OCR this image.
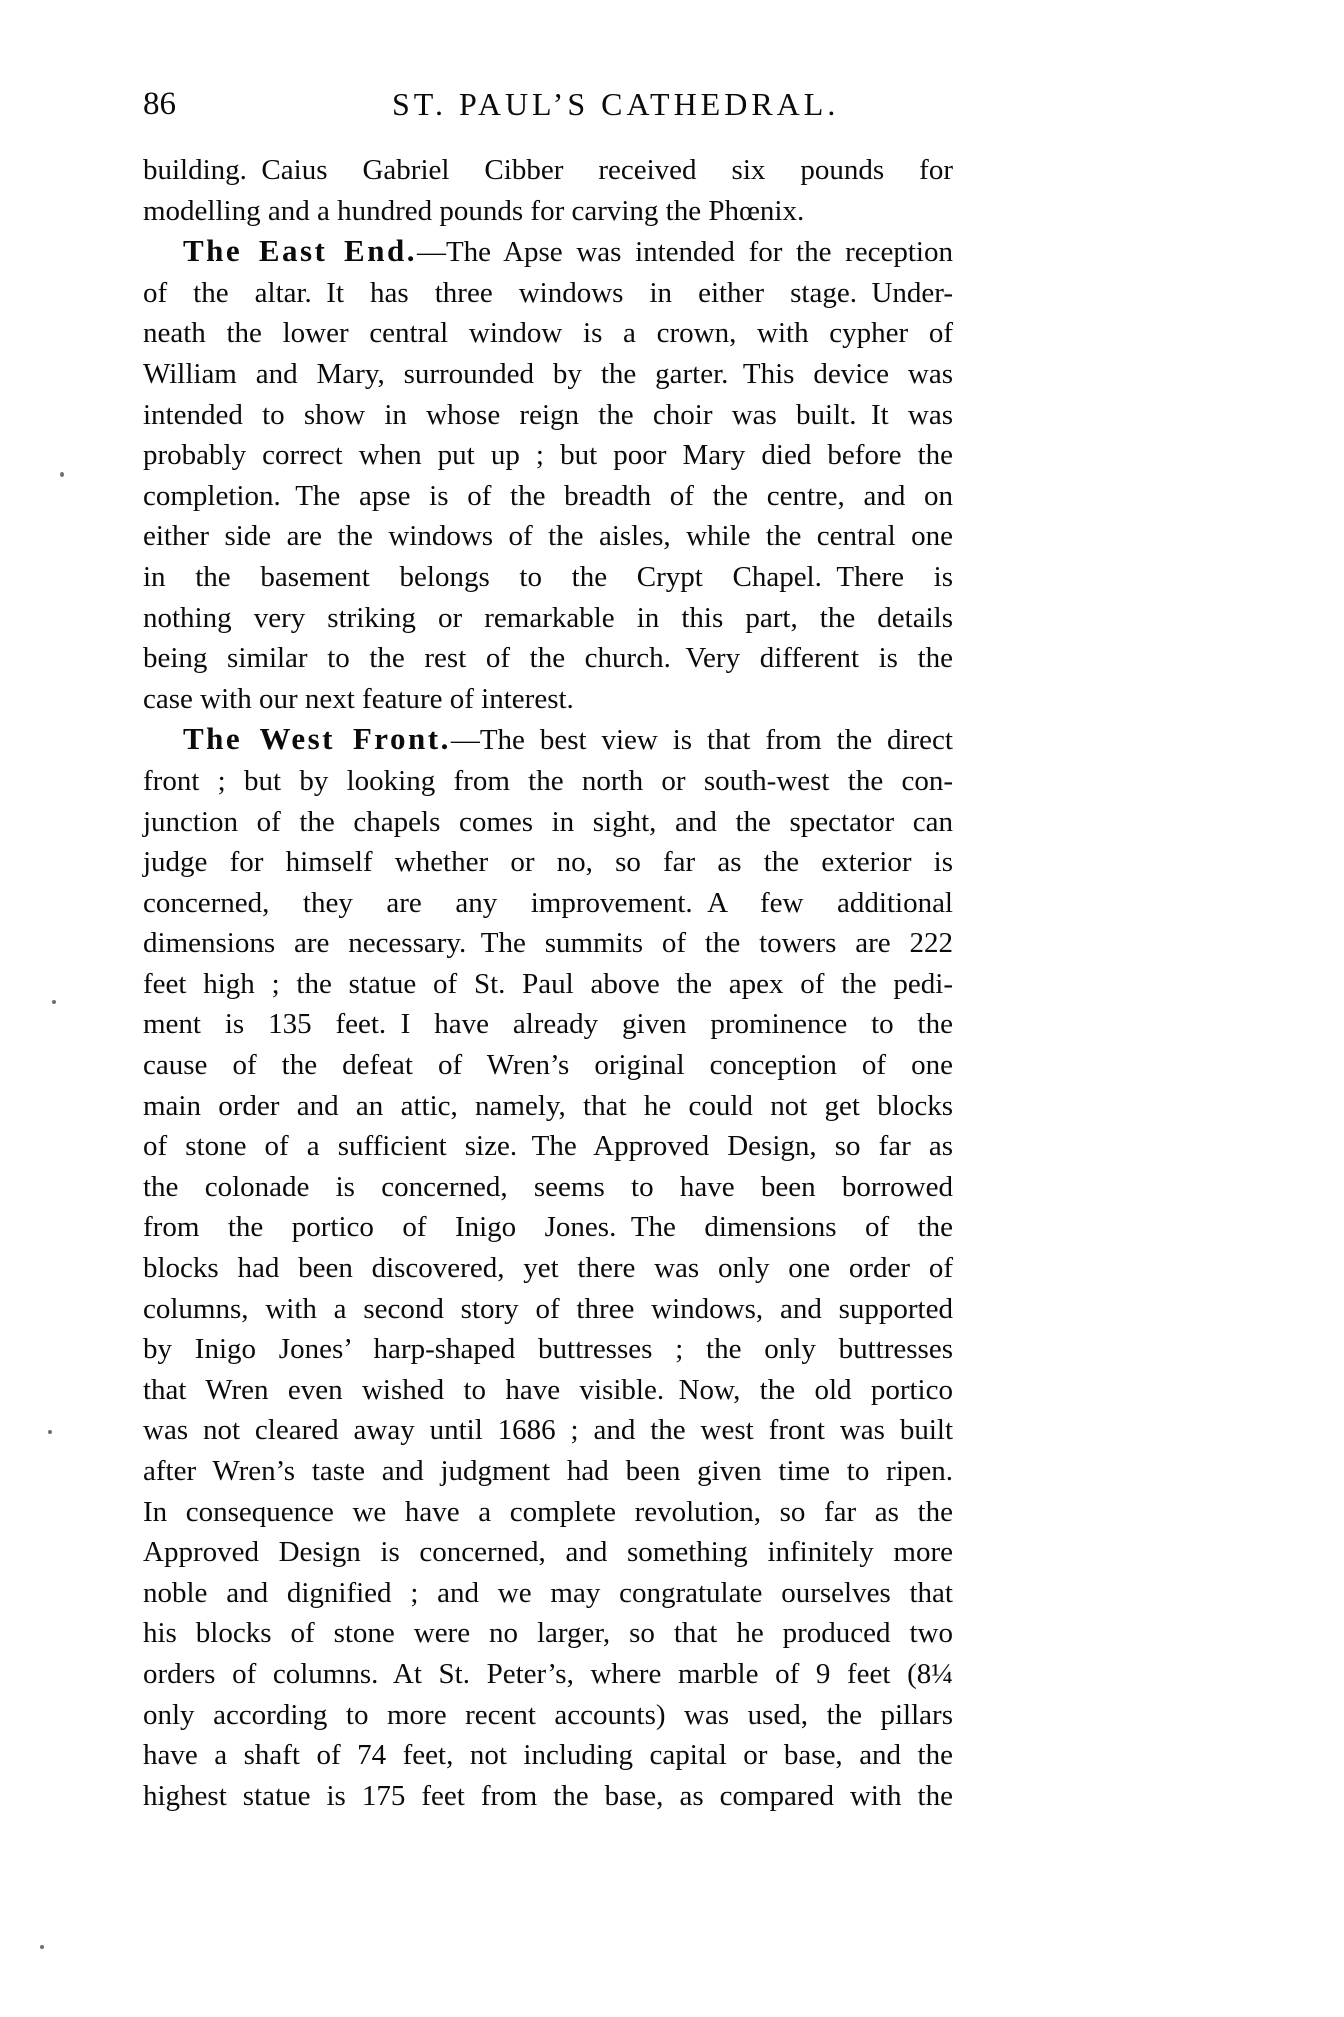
86	ST. PAUL’S CATHEDRAL.
building. Caius Gabriel Cibber received six pounds for
modelling and a hundred pounds for carving the Phœnix.
The East End.—The Apse was intended for the reception
of the altar. It has three windows in either stage. Under-
neath the lower central window is a crown, with cypher of
William and Mary, surrounded by the garter. This device was
intended to show in whose reign the choir was built. It was
probably correct when put up ; but poor Mary died before the
completion. The apse is of the breadth of the centre, and on
either side are the windows of the aisles, while the central one
in the basement belongs to the Crypt Chapel. There is
nothing very striking or remarkable in this part, the details
being similar to the rest of the church. Very different is the
case with our next feature of interest.
The West Front.—The best view is that from the direct
front ; but by looking from the north or south-west the con-
junction of the chapels comes in sight, and the spectator can
judge for himself whether or no, so far as the exterior is
concerned, they are any improvement. A few additional
dimensions are necessary. The summits of the towers are 222
feet high ; the statue of St. Paul above the apex of the pedi-
ment is 135 feet. I have already given prominence to the
cause of the defeat of Wren’s original conception of one
main order and an attic, namely, that he could not get blocks
of stone of a sufficient size. The Approved Design, so far as
the colonade is concerned, seems to have been borrowed
from the portico of Inigo Jones. The dimensions of the
blocks had been discovered, yet there was only one order of
columns, with a second story of three windows, and supported
by Inigo Jones’ harp-shaped buttresses ; the only buttresses
that Wren even wished to have visible. Now, the old portico
was not cleared away until 1686 ; and the west front was built
after Wren’s taste and judgment had been given time to ripen.
In consequence we have a complete revolution, so far as the
Approved Design is concerned, and something infinitely more
noble and dignified ; and we may congratulate ourselves that
his blocks of stone were no larger, so that he produced two
orders of columns. At St. Peter’s, where marble of 9 feet (8¼
only according to more recent accounts) was used, the pillars
have a shaft of 74 feet, not including capital or base, and the
highest statue is 175 feet from the base, as compared with the
